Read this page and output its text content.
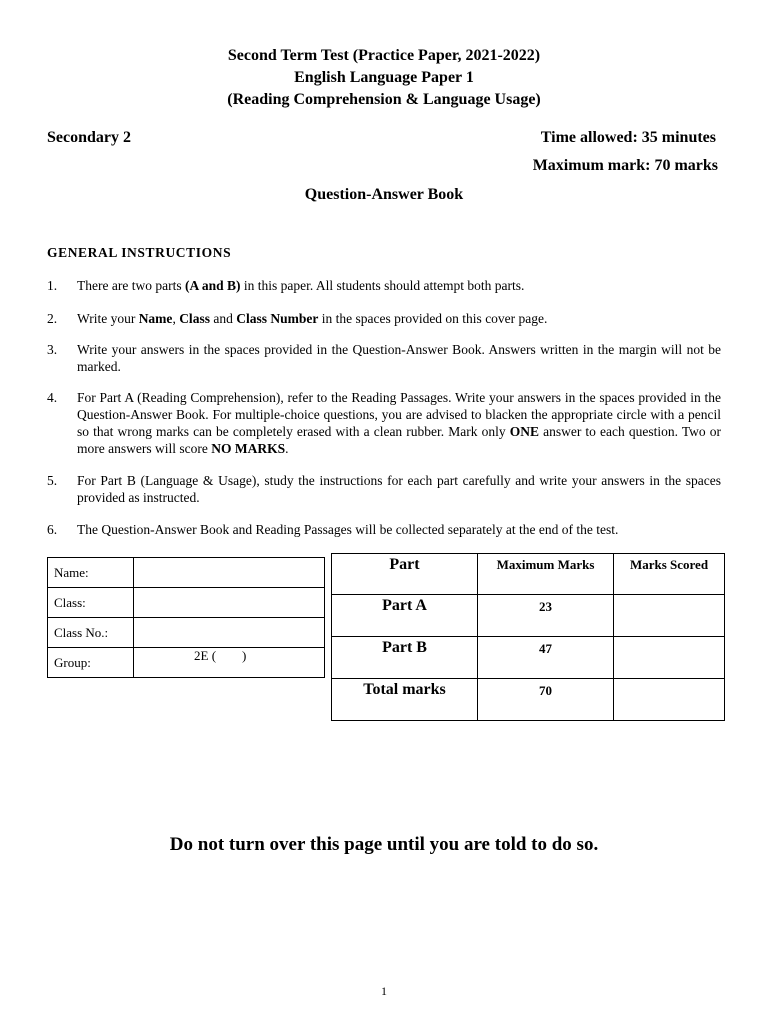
Second Term Test (Practice Paper, 2021-2022)
English Language Paper 1
(Reading Comprehension & Language Usage)
Secondary 2	Time allowed: 35 minutes
Maximum mark: 70 marks
Question-Answer Book
GENERAL INSTRUCTIONS
1.	There are two parts (A and B) in this paper. All students should attempt both parts.
2.	Write your Name, Class and Class Number in the spaces provided on this cover page.
3.	Write your answers in the spaces provided in the Question-Answer Book. Answers written in the margin will not be marked.
4.	For Part A (Reading Comprehension), refer to the Reading Passages. Write your answers in the spaces provided in the Question-Answer Book. For multiple-choice questions, you are advised to blacken the appropriate circle with a pencil so that wrong marks can be completely erased with a clean rubber. Mark only ONE answer to each question. Two or more answers will score NO MARKS.
5.	For Part B (Language & Usage), study the instructions for each part carefully and write your answers in the spaces provided as instructed.
6.	The Question-Answer Book and Reading Passages will be collected separately at the end of the test.
Name:	
Class:	
Class No.:	
Group:	2E (        )
Part	Maximum Marks	Marks Scored
Part A	23	
Part B	47	
Total marks	70	
Do not turn over this page until you are told to do so.
1
